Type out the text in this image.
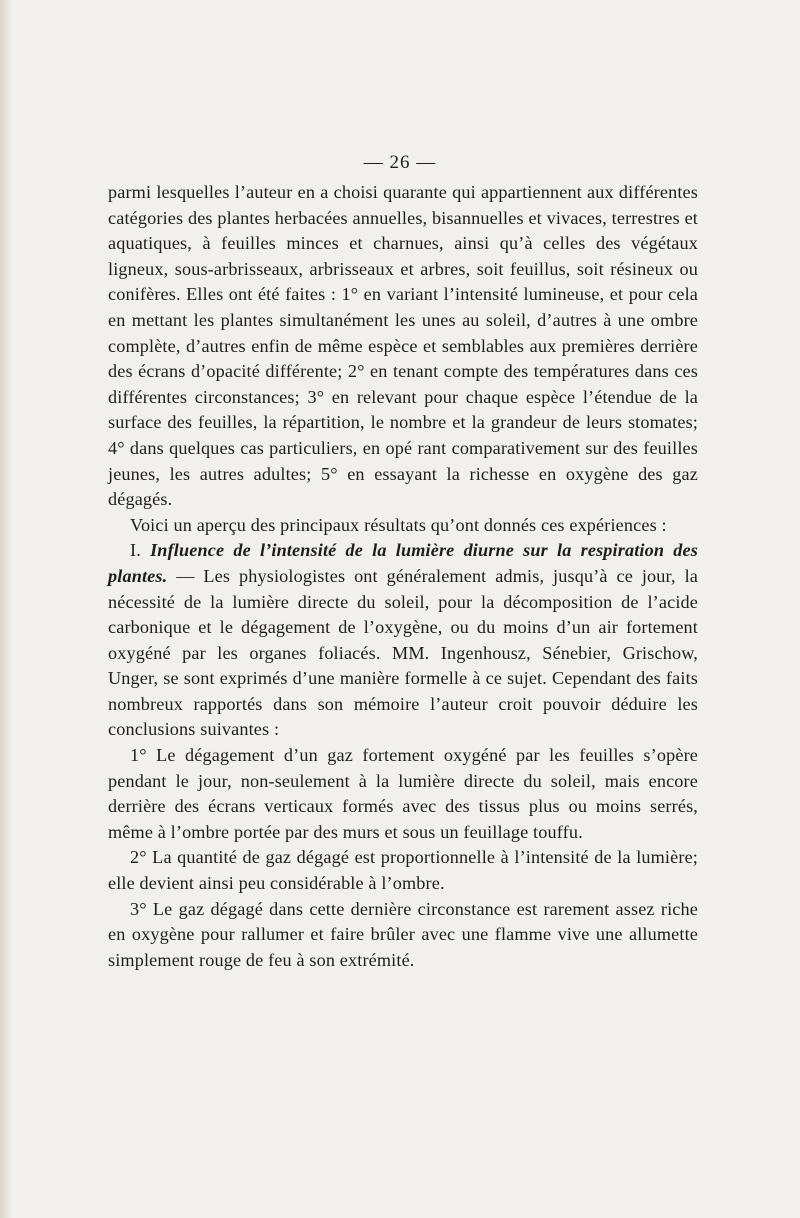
— 26 —

parmi lesquelles l’auteur en a choisi quarante qui appartiennent aux différentes catégories des plantes herbacées annuelles, bisannuelles et vivaces, terrestres et aquatiques, à feuilles minces et charnues, ainsi qu’à celles des végétaux ligneux, sous-arbrisseaux, arbrisseaux et arbres, soit feuillus, soit résineux ou conifères. Elles ont été faites : 1° en variant l’intensité lumineuse, et pour cela en mettant les plantes simultanément les unes au soleil, d’autres à une ombre complète, d’autres enfin de même espèce et semblables aux premières derrière des écrans d’opacité différente; 2° en tenant compte des températures dans ces différentes circonstances; 3° en relevant pour chaque espèce l’étendue de la surface des feuilles, la répartition, le nombre et la grandeur de leurs stomates; 4° dans quelques cas particuliers, en opé rant comparativement sur des feuilles jeunes, les autres adultes; 5° en essayant la richesse en oxygène des gaz dégagés.

Voici un aperçu des principaux résultats qu’ont donnés ces expériences :

I. Influence de l’intensité de la lumière diurne sur la respiration des plantes. — Les physiologistes ont généralement admis, jusqu’à ce jour, la nécessité de la lumière directe du soleil, pour la décomposition de l’acide carbonique et le dégagement de l’oxygène, ou du moins d’un air fortement oxygéné par les organes foliacés. MM. Ingenhousz, Sénebier, Grischow, Unger, se sont exprimés d’une manière formelle à ce sujet. Cependant des faits nombreux rapportés dans son mémoire l’auteur croit pouvoir déduire les conclusions suivantes :

1° Le dégagement d’un gaz fortement oxygéné par les feuilles s’opère pendant le jour, non-seulement à la lumière directe du soleil, mais encore derrière des écrans verticaux formés avec des tissus plus ou moins serrés, même à l’ombre portée par des murs et sous un feuillage touffu.

2° La quantité de gaz dégagé est proportionnelle à l’intensité de la lumière; elle devient ainsi peu considérable à l’ombre.

3° Le gaz dégagé dans cette dernière circonstance est rarement assez riche en oxygène pour rallumer et faire brûler avec une flamme vive une allumette simplement rouge de feu à son extrémité.
